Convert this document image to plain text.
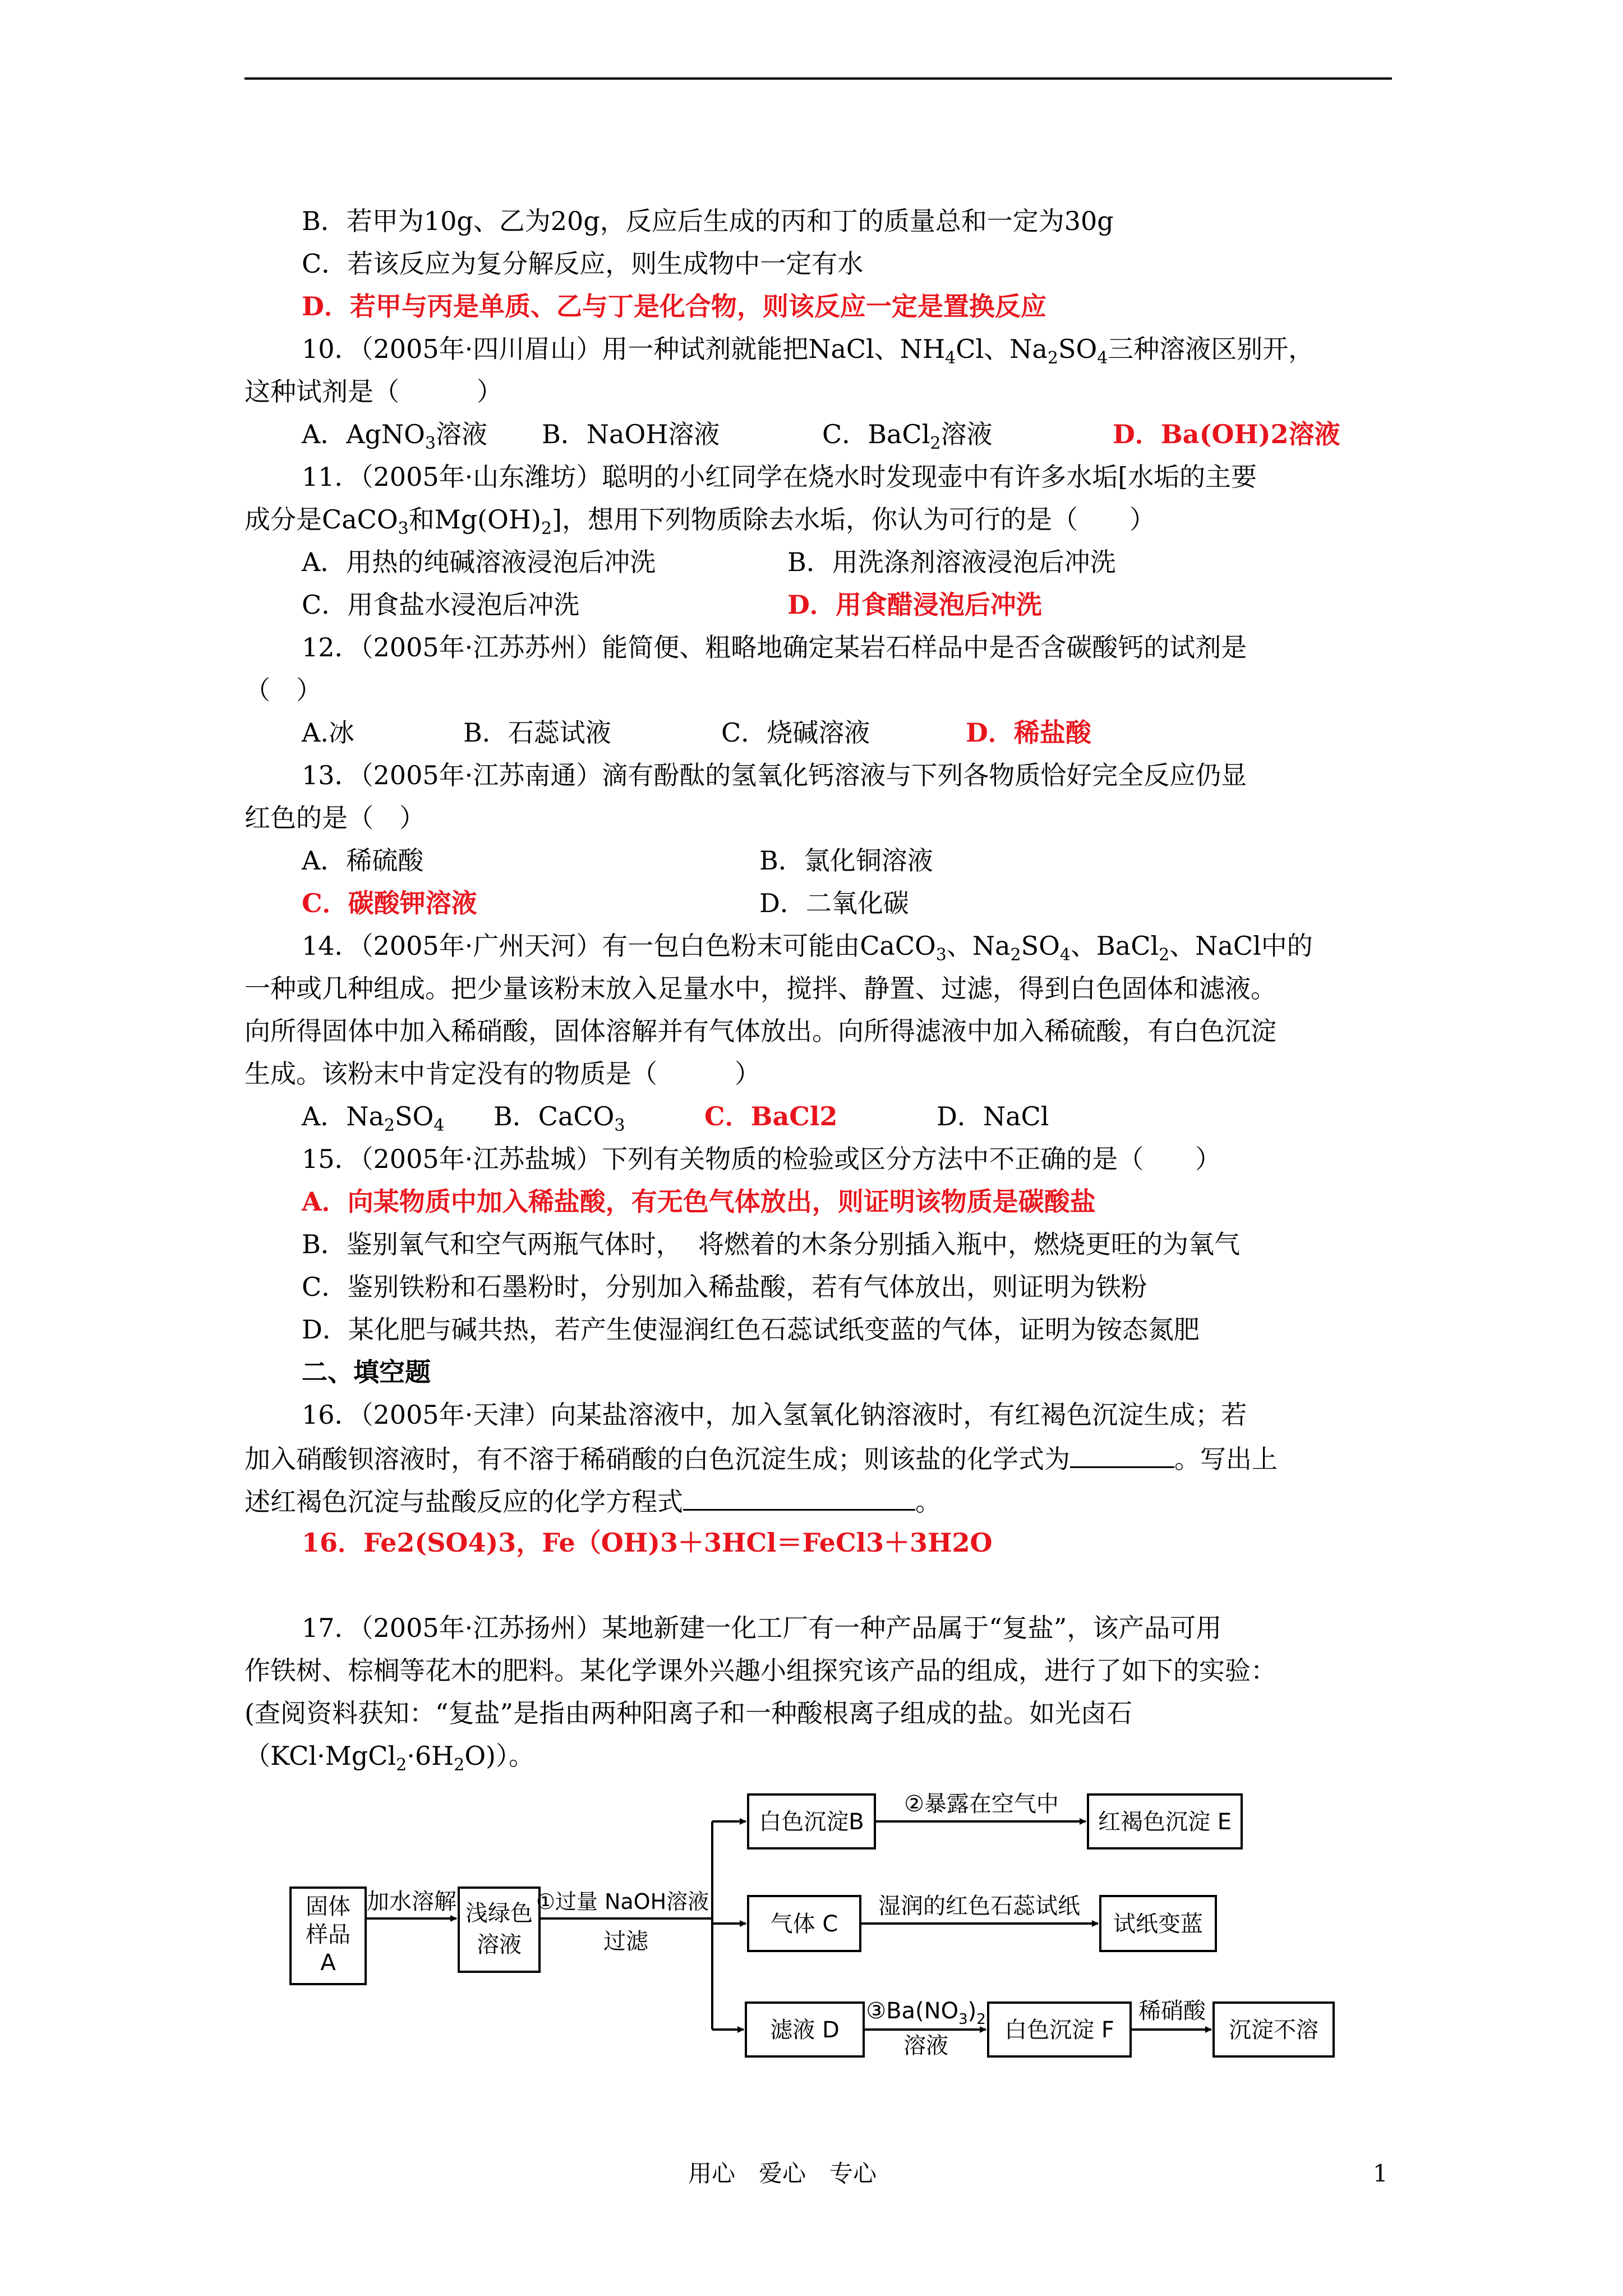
B．若甲为10g、乙为20g，反应后生成的丙和丁的质量总和一定为30g
C．若该反应为复分解反应，则生成物中一定有水
D．若甲与丙是单质、乙与丁是化合物，则该反应一定是置换反应
10．（2005年·四川眉山）用一种试剂就能把NaCl、$NH_4Cl$、$Na_2SO_4$三种溶液区别开，
这种试剂是（　　　）
A．AgNO$_3$溶液 B．NaOH溶液	C．BaCl$_2$溶液	D．Ba(OH)2溶液
11．（2005年·山东潍坊）聪明的小红同学在烧水时发现壶中有许多水垢[水垢的主要
成分是CaCO$_3$和$Mg(OH)_2$]，想用下列物质除去水垢，你认为可行的是（　　）
A．用热的纯碱溶液浸泡后冲洗	B．用洗涤剂溶液浸泡后冲洗
C．用食盐水浸泡后冲洗	D．用食醋浸泡后冲洗
12．（2005年·江苏苏州）能简便、粗略地确定某岩石样品中是否含碳酸钙的试剂是
（　）
A.冰	B．石蕊试液	C．烧碱溶液	D．稀盐酸
13．（2005年·江苏南通）滴有酚酞的氢氧化钙溶液与下列各物质恰好完全反应仍显
红色的是（　）
A．稀硫酸	B．氯化铜溶液
C．碳酸钾溶液	D．二氧化碳
14．（2005年·广州天河）有一包白色粉末可能由CaCO$_3$、$Na_2SO_4$、BaCl$_2$、NaCl中的
一种或几种组成。把少量该粉末放入足量水中，搅拌、静置、过滤，得到白色固体和滤液。
向所得固体中加入稀硝酸，固体溶解并有气体放出。向所得滤液中加入稀硫酸，有白色沉淀
生成。该粉末中肯定没有的物质是（　　　）
A．$Na_2SO_4$ B．CaCO$_3$	C．BaCl2	D．NaCl
15．（2005年·江苏盐城）下列有关物质的检验或区分方法中不正确的是（　　）
A．向某物质中加入稀盐酸，有无色气体放出，则证明该物质是碳酸盐
B．鉴别氧气和空气两瓶气体时，  将燃着的木条分别插入瓶中，燃烧更旺的为氧气
C．鉴别铁粉和石墨粉时，分别加入稀盐酸，若有气体放出，则证明为铁粉
D．某化肥与碱共热，若产生使湿润红色石蕊试纸变蓝的气体，证明为铵态氮肥
二、填空题
16．（2005年·天津）向某盐溶液中，加入氢氧化钠溶液时，有红褐色沉淀生成；若
加入硝酸钡溶液时，有不溶于稀硝酸的白色沉淀生成；则该盐的化学式为	。写出上
述红褐色沉淀与盐酸反应的化学方程式	。
16．Fe2(SO4)3，Fe（OH)3＋3HCl＝FeCl3＋3H2O
17．（2005年·江苏扬州）某地新建一化工厂有一种产品属于“复盐”，该产品可用
作铁树、棕榈等花木的肥料。某化学课外兴趣小组探究该产品的组成，进行了如下的实验：
(查阅资料获知：“复盐”是指由两种阳离子和一种酸根离子组成的盐。如光卤石
$(KCl\cdot MgCl_2\cdot 6H_2O)$）。
固体
样品
A
加水溶解 浅绿色
溶液
①过量 NaOH溶液
过滤
白色沉淀B
②暴露在空气中
红褐色沉淀 E
气体 C
湿润的红色石蕊试纸
试纸变蓝
滤液 D
$③Ba(NO_3)_2$
溶液
白色沉淀 F
稀硝酸
沉淀不溶
用心　爱心　专心	1
